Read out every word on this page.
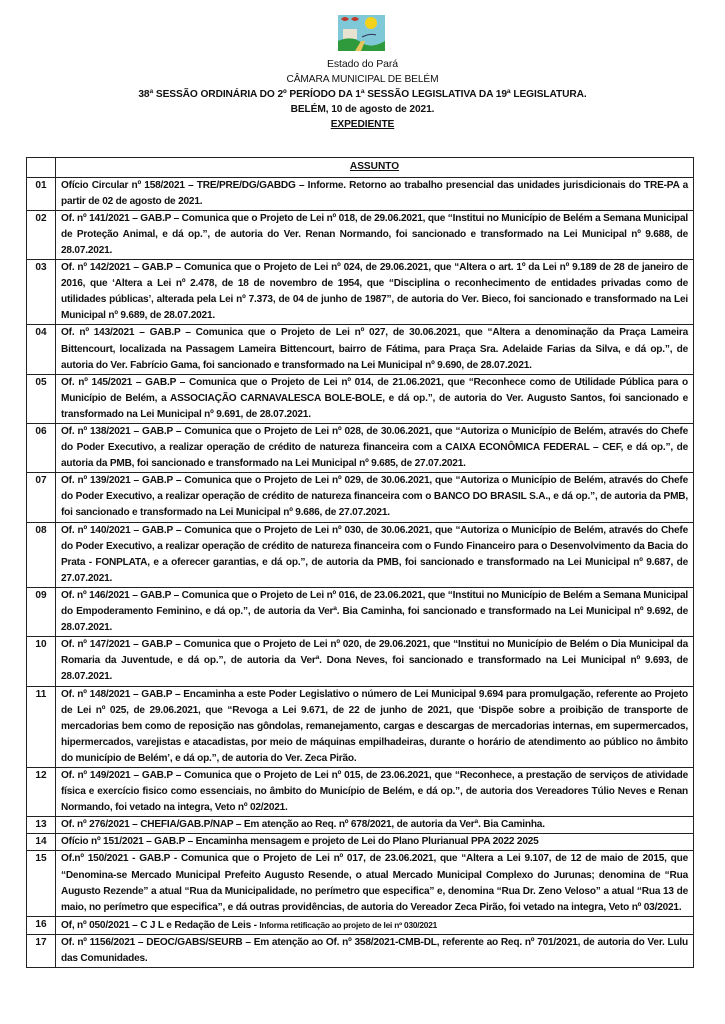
Estado do Pará
CÂMARA MUNICIPAL DE BELÉM
38ª SESSÃO ORDINÁRIA DO 2º PERÍODO DA 1ª SESSÃO LEGISLATIVA DA 19ª LEGISLATURA.
BELÉM, 10 de agosto de 2021.
EXPEDIENTE
	ASSUNTO
01	Ofício Circular nº 158/2021 – TRE/PRE/DG/GABDG – Informe. Retorno ao trabalho presencial das unidades jurisdicionais do TRE-PA a partir de 02 de agosto de 2021.
02	Of. nº 141/2021 – GAB.P – Comunica que o Projeto de Lei nº 018, de 29.06.2021, que “Institui no Município de Belém a Semana Municipal de Proteção Animal, e dá op.”, de autoria do Ver. Renan Normando, foi sancionado e transformado na Lei Municipal nº 9.688, de 28.07.2021.
03	Of. nº 142/2021 – GAB.P – Comunica que o Projeto de Lei nº 024, de 29.06.2021, que “Altera o art. 1º da Lei nº 9.189 de 28 de janeiro de 2016, que ‘Altera a Lei nº 2.478, de 18 de novembro de 1954, que “Disciplina o reconhecimento de entidades privadas como de utilidades públicas’, alterada pela Lei nº 7.373, de 04 de junho de 1987”, de autoria do Ver. Bieco, foi sancionado e transformado na Lei Municipal nº 9.689, de 28.07.2021.
04	Of. nº 143/2021 – GAB.P – Comunica que o Projeto de Lei nº 027, de 30.06.2021, que “Altera a denominação da Praça Lameira Bittencourt, localizada na Passagem Lameira Bittencourt, bairro de Fátima, para Praça Sra. Adelaide Farias da Silva, e dá op.”, de autoria do Ver. Fabrício Gama, foi sancionado e transformado na Lei Municipal nº 9.690, de 28.07.2021.
05	Of. nº 145/2021 – GAB.P – Comunica que o Projeto de Lei nº 014, de 21.06.2021, que “Reconhece como de Utilidade Pública para o Município de Belém, a ASSOCIAÇÃO CARNAVALESCA BOLE-BOLE, e dá op.”, de autoria do Ver. Augusto Santos, foi sancionado e transformado na Lei Municipal nº 9.691, de 28.07.2021.
06	Of. nº 138/2021 – GAB.P – Comunica que o Projeto de Lei nº 028, de 30.06.2021, que “Autoriza o Município de Belém, através do Chefe do Poder Executivo, a realizar operação de crédito de natureza financeira com a CAIXA ECONÔMICA FEDERAL – CEF, e dá op.”, de autoria da PMB, foi sancionado e transformado na Lei Municipal nº 9.685, de 27.07.2021.
07	Of. nº 139/2021 – GAB.P – Comunica que o Projeto de Lei nº 029, de 30.06.2021, que “Autoriza o Município de Belém, através do Chefe do Poder Executivo, a realizar operação de crédito de natureza financeira com o BANCO DO BRASIL S.A., e dá op.”, de autoria da PMB, foi sancionado e transformado na Lei Municipal nº 9.686, de 27.07.2021.
08	Of. nº 140/2021 – GAB.P – Comunica que o Projeto de Lei nº 030, de 30.06.2021, que “Autoriza o Município de Belém, através do Chefe do Poder Executivo, a realizar operação de crédito de natureza financeira com o Fundo Financeiro para o Desenvolvimento da Bacia do Prata - FONPLATA, e a oferecer garantias, e dá op.”, de autoria da PMB, foi sancionado e transformado na Lei Municipal nº 9.687, de 27.07.2021.
09	Of. nº 146/2021 – GAB.P – Comunica que o Projeto de Lei nº 016, de 23.06.2021, que “Institui no Município de Belém a Semana Municipal do Empoderamento Feminino, e dá op.”, de autoria da Verª. Bia Caminha, foi sancionado e transformado na Lei Municipal nº 9.692, de 28.07.2021.
10	Of. nº 147/2021 – GAB.P – Comunica que o Projeto de Lei nº 020, de 29.06.2021, que “Institui no Município de Belém o Dia Municipal da Romaria da Juventude, e dá op.”, de autoria da Verª. Dona Neves, foi sancionado e transformado na Lei Municipal nº 9.693, de 28.07.2021.
11	Of. nº 148/2021 – GAB.P – Encaminha a este Poder Legislativo o número de Lei Municipal 9.694 para promulgação, referente ao Projeto de Lei nº 025, de 29.06.2021, que “Revoga a Lei 9.671, de 22 de junho de 2021, que ‘Dispõe sobre a proibição de transporte de mercadorias bem como de reposição nas gôndolas, remanejamento, cargas e descargas de mercadorias internas, em supermercados, hipermercados, varejistas e atacadistas, por meio de máquinas empilhadeiras, durante o horário de atendimento ao público no âmbito do município de Belém’, e dá op.”, de autoria do Ver. Zeca Pirão.
12	Of. nº 149/2021 – GAB.P – Comunica que o Projeto de Lei nº 015, de 23.06.2021, que “Reconhece, a prestação de serviços de atividade física e exercício fisico como essenciais, no âmbito do Município de Belém, e dá op.”, de autoria dos Vereadores Túlio Neves e Renan Normando, foi vetado na integra, Veto nº 02/2021.
13	Of. nº 276/2021 – CHEFIA/GAB.P/NAP – Em atenção ao Req. nº 678/2021, de autoria da Verª. Bia Caminha.
14	Ofício nº 151/2021 – GAB.P – Encaminha mensagem e projeto de Lei do Plano Plurianual PPA 2022 2025
15	Of.nº 150/2021 - GAB.P - Comunica que o Projeto de Lei nº 017, de 23.06.2021, que “Altera a Lei 9.107, de 12 de maio de 2015, que “Denomina-se Mercado Municipal Prefeito Augusto Resende, o atual Mercado Municipal Complexo do Jurunas; denomina de “Rua Augusto Rezende” a atual “Rua da Municipalidade, no perímetro que especifica” e, denomina “Rua Dr. Zeno Veloso” a atual “Rua 13 de maio, no perímetro que especifica”, e dá outras providências, de autoria do Vereador Zeca Pirão, foi vetado na integra, Veto nº 03/2021.
16	Of, nº 050/2021 – C J L e Redação de Leis - Informa retificação ao projeto de lei nº 030/2021
17	Of. nº 1156/2021 – DEOC/GABS/SEURB – Em atenção ao Of. nº 358/2021-CMB-DL, referente ao Req. nº 701/2021, de autoria do Ver. Lulu das Comunidades.
